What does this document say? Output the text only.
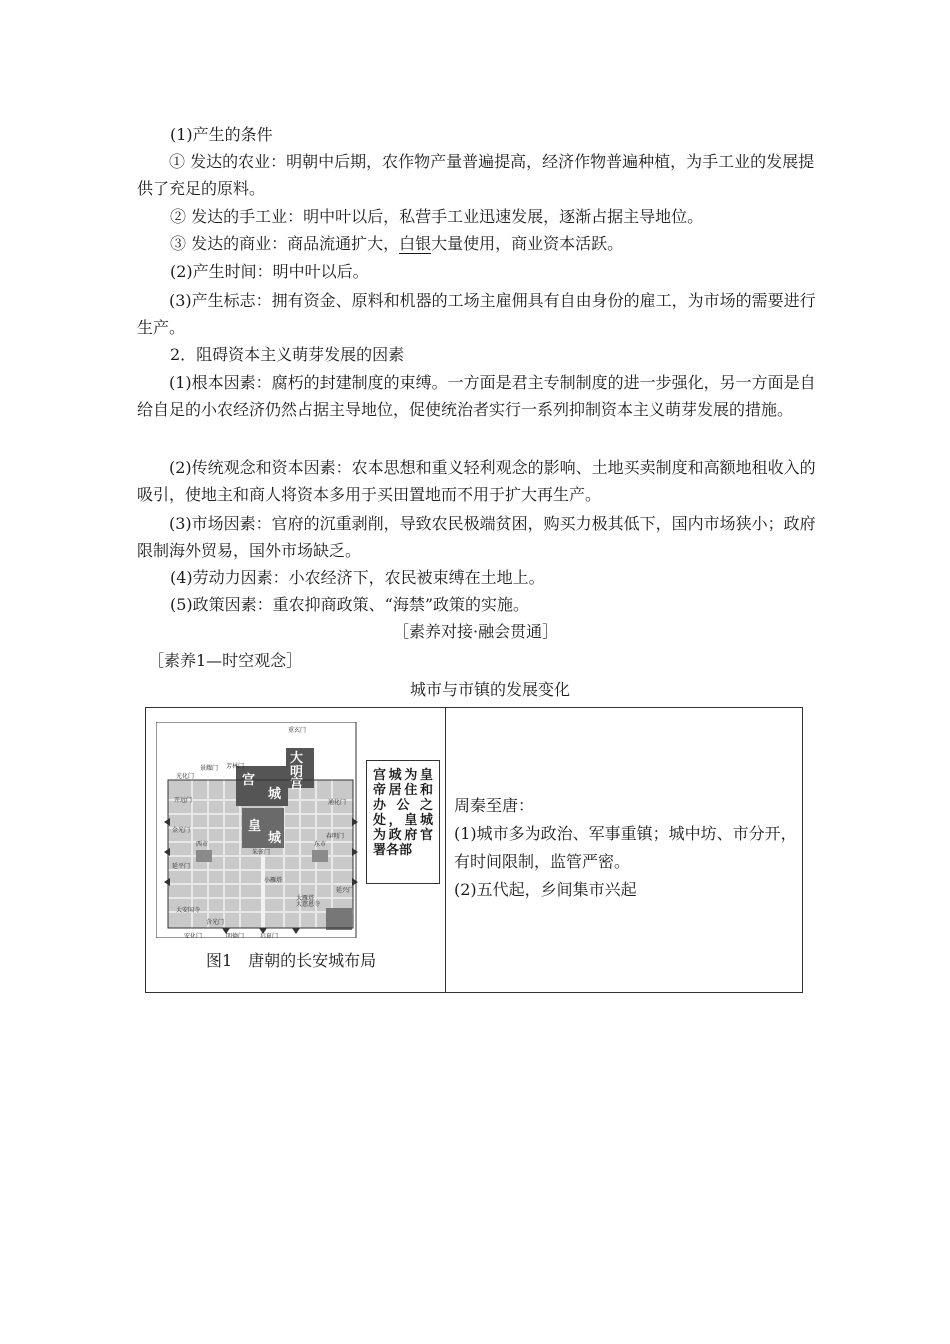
(1)产生的条件
① 发达的农业：明朝中后期，农作物产量普遍提高，经济作物普遍种植，为手工业的发展提供了充足的原料。
② 发达的手工业：明中叶以后，私营手工业迅速发展，逐渐占据主导地位。
③ 发达的商业：商品流通扩大，白银大量使用，商业资本活跃。
(2)产生时间：明中叶以后。
(3)产生标志：拥有资金、原料和机器的工场主雇佣具有自由身份的雇工，为市场的需要进行生产。
2．阻碍资本主义萌芽发展的因素
(1)根本因素：腐朽的封建制度的束缚。一方面是君主专制制度的进一步强化，另一方面是自给自足的小农经济仍然占据主导地位，促使统治者实行一系列抑制资本主义萌芽发展的措施。
(2)传统观念和资本因素：农本思想和重义轻利观念的影响、土地买卖制度和高额地租收入的吸引，使地主和商人将资本多用于买田置地而不用于扩大再生产。
(3)市场因素：官府的沉重剥削，导致农民极端贫困，购买力极其低下，国内市场狭小；政府限制海外贸易，国外市场缺乏。
(4)劳动力因素：小农经济下，农民被束缚在土地上。
(5)政策因素：重农抑商政策、“海禁”政策的实施。
［素养对接·融会贯通］
［素养1—时空观念］
城市与市镇的发展变化
重玄门
景耀门 芳林门
光化门
开远门
金光门
延平门
通化门
春明门
延兴门
含光门
安化门	明德门	启夏门
朱雀门
西市	东市
小雁塔
大雁塔
大慈恩寺
大安国寺
宫
城
皇
城
大
明
宫
宫城为皇帝居住和办公之处，皇城为政府官署各部
图1　唐朝的长安城布局
周秦至唐：
(1)城市多为政治、军事重镇；城中坊、市分开，有时间限制，监管严密。
(2)五代起，乡间集市兴起
